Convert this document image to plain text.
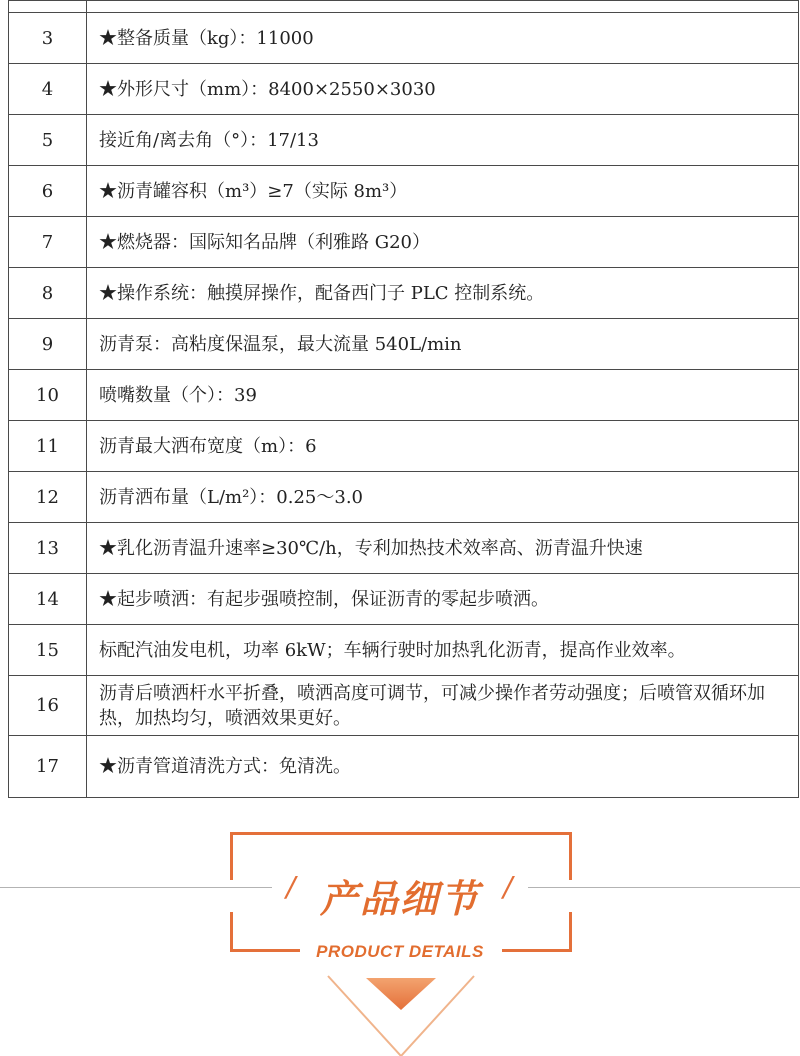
3	★整备质量（kg）：11000
4	★外形尺寸（mm）：8400×2550×3030
5	接近角/离去角（°）：17/13
6	★沥青罐容积（m³）≥7（实际 8m³）
7	★燃烧器：国际知名品牌（利雅路 G20）
8	★操作系统：触摸屏操作，配备西门子 PLC 控制系统。
9	沥青泵：高粘度保温泵，最大流量 540L/min
10	喷嘴数量（个）：39
11	沥青最大洒布宽度（m）：6
12	沥青洒布量（L/m²）：0.25～3.0
13	★乳化沥青温升速率≥30℃/h，专利加热技术效率高、沥青温升快速
14	★起步喷洒：有起步强喷控制，保证沥青的零起步喷洒。
15	标配汽油发电机，功率 6kW；车辆行驶时加热乳化沥青，提高作业效率。
16	沥青后喷洒杆水平折叠，喷洒高度可调节，可减少操作者劳动强度；后喷管双循环加热，加热均匀，喷洒效果更好。
17	★沥青管道清洗方式：免清洗。
/	/
产品细节
PRODUCT DETAILS
